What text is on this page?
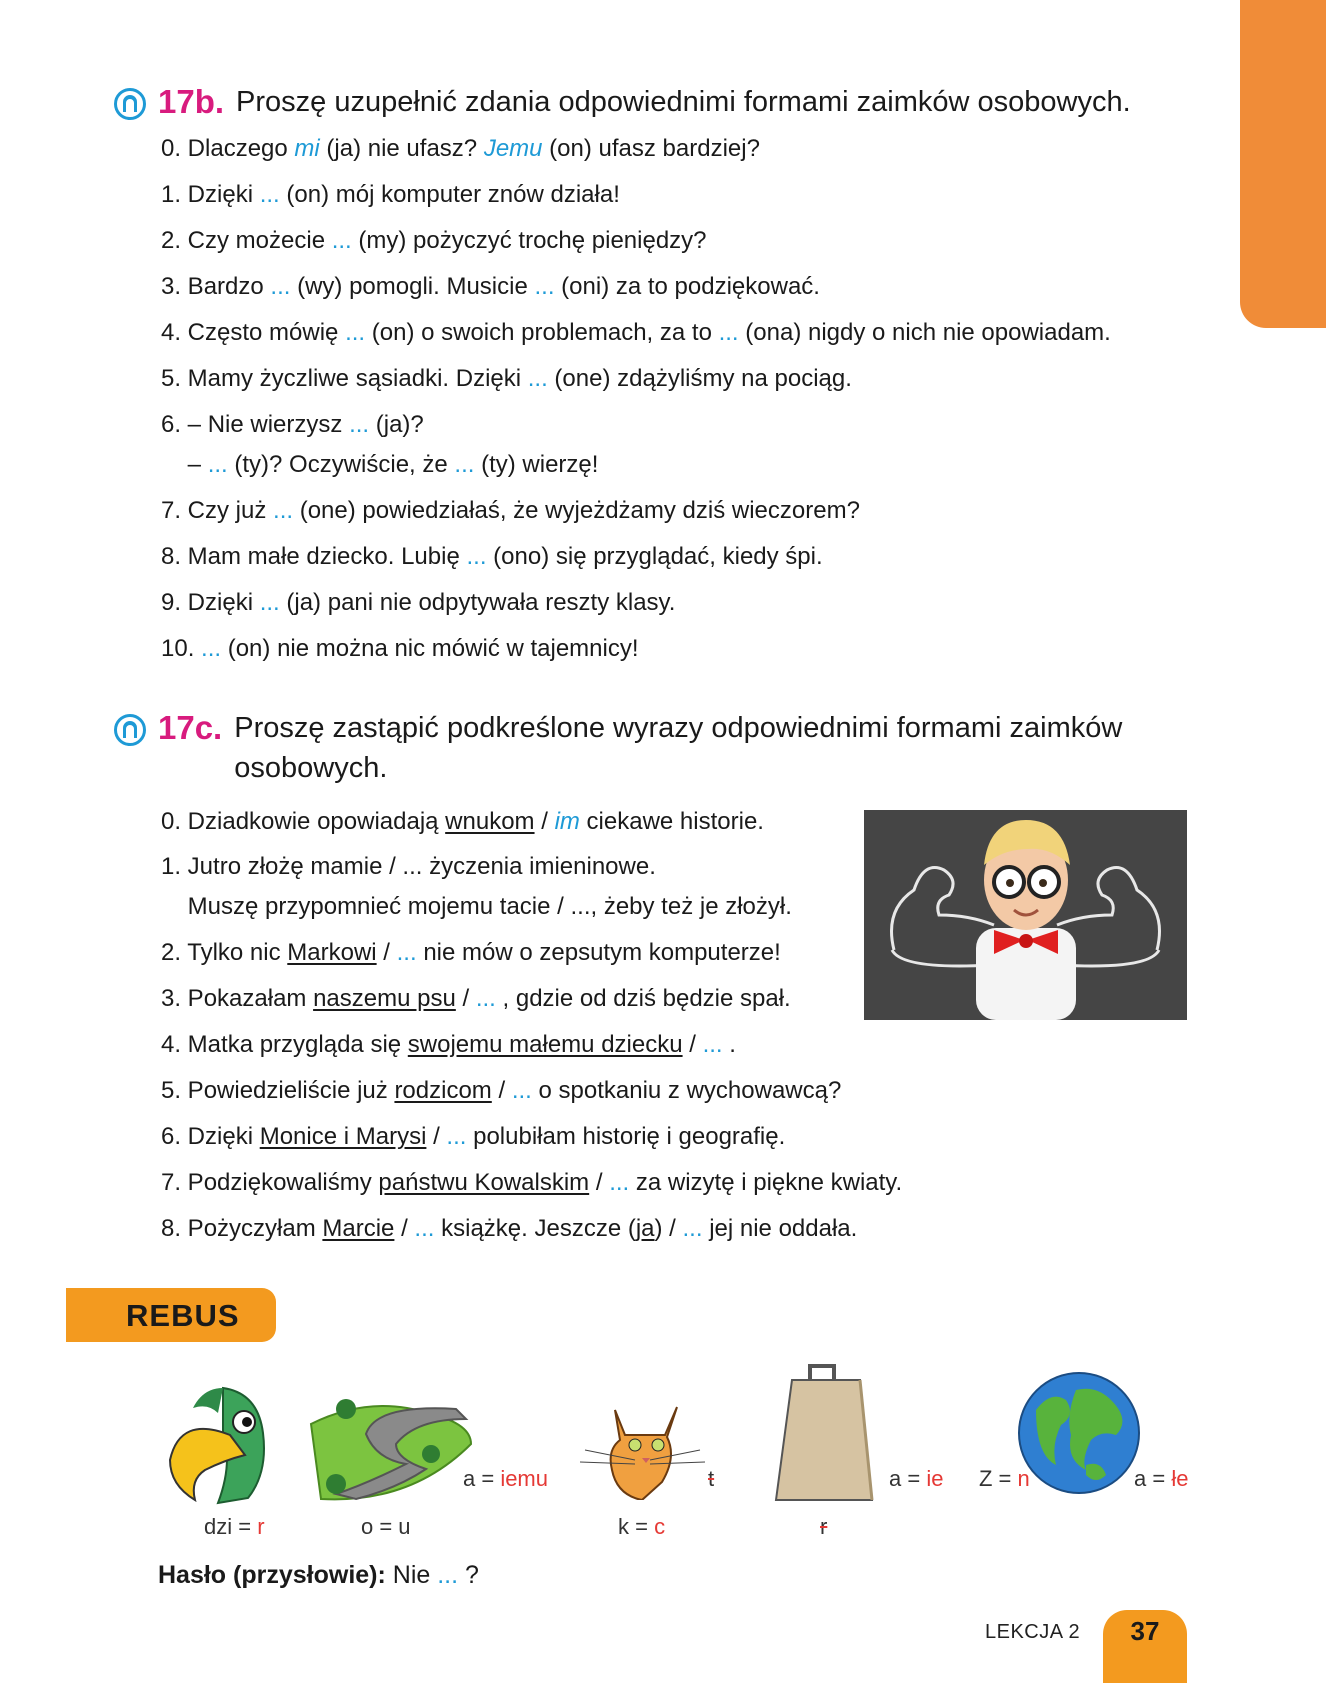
17b. Proszę uzupełnić zdania odpowiednimi formami zaimków osobowych.
0. Dlaczego mi (ja) nie ufasz? Jemu (on) ufasz bardziej?
1. Dzięki ... (on) mój komputer znów działa!
2. Czy możecie ... (my) pożyczyć trochę pieniędzy?
3. Bardzo ... (wy) pomogli. Musicie ... (oni) za to podziękować.
4. Często mówię ... (on) o swoich problemach, za to ... (ona) nigdy o nich nie opowiadam.
5. Mamy życzliwe sąsiadki. Dzięki ... (one) zdążyliśmy na pociąg.
6. – Nie wierzysz ... (ja)?
– ... (ty)? Oczywiście, że ... (ty) wierzę!
7. Czy już ... (one) powiedziałaś, że wyjeżdżamy dziś wieczorem?
8. Mam małe dziecko. Lubię ... (ono) się przyglądać, kiedy śpi.
9. Dzięki ... (ja) pani nie odpytywała reszty klasy.
10. ... (on) nie można nic mówić w tajemnicy!
17c. Proszę zastąpić podkreślone wyrazy odpowiednimi formami zaimków
osobowych.
0. Dziadkowie opowiadają wnukom / im ciekawe historie.
1. Jutro złożę mamie / ... życzenia imieninowe.
Muszę przypomnieć mojemu tacie / ..., żeby też je złożył.
2. Tylko nic Markowi / ... nie mów o zepsutym komputerze!
3. Pokazałam naszemu psu / ... , gdzie od dziś będzie spał.
4. Matka przygląda się swojemu małemu dziecku / ... .
5. Powiedzieliście już rodzicom / ... o spotkaniu z wychowawcą?
6. Dzięki Monice i Marysi / ... polubiłam historię i geografię.
7. Podziękowaliśmy państwu Kowalskim / ... za wizytę i piękne kwiaty.
8. Pożyczyłam Marcie / ... książkę. Jeszcze (ja) / ... jej nie oddała.
REBUS
dzi = r	o = u
a = iemu
k = c
t
r
a = ie Z = n	a = łe
Hasło (przysłowie): Nie ... ?
LEKCJA 2	37
